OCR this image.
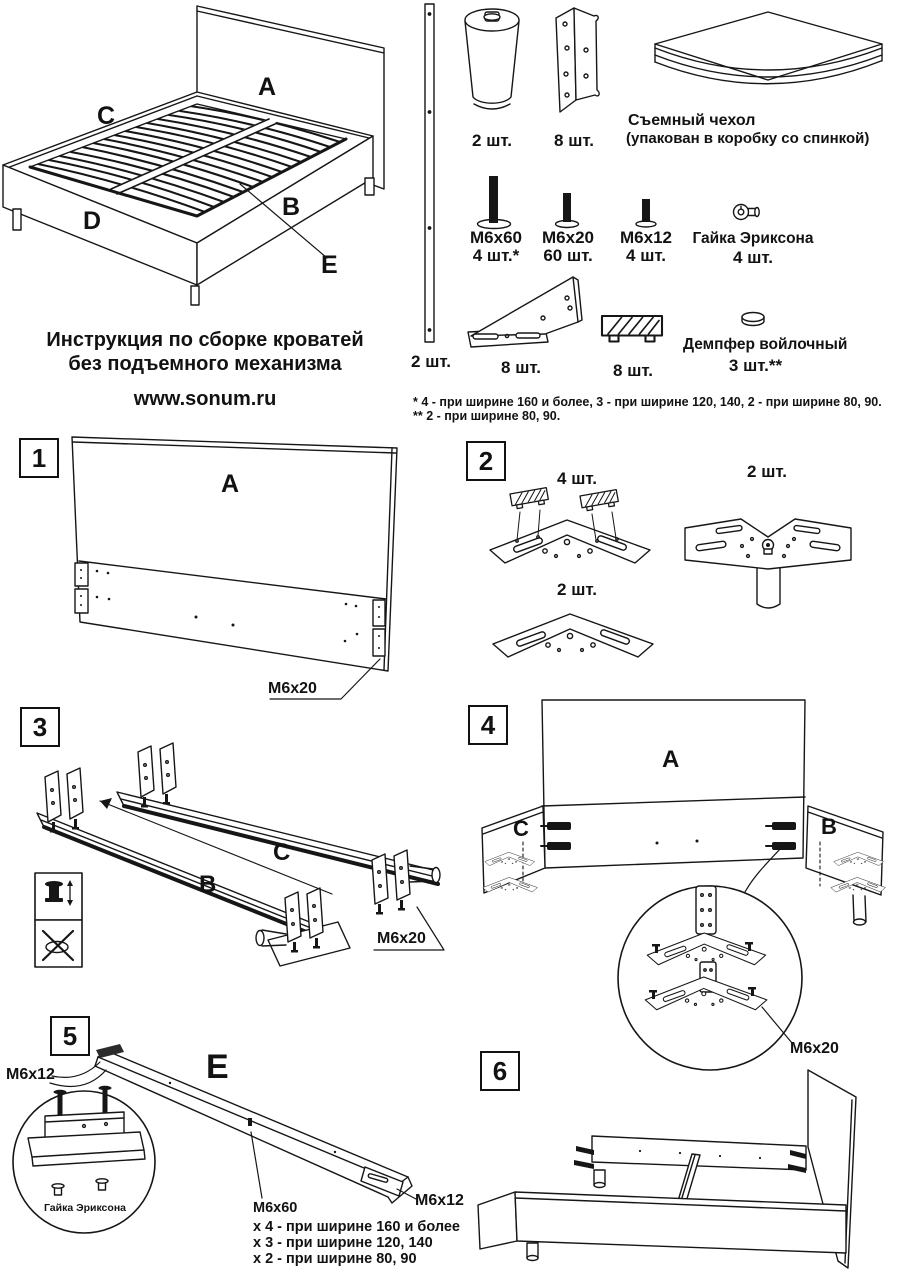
A
C
B
D
E
Инструкция по сборке кроватей
без подъемного механизма
www.sonum.ru
2 шт.
2 шт.	8 шт.
Съемный чехол
(упакован в коробку со спинкой)
М6х60
4 шт.*
М6х20
60 шт.
М6х12
4 шт.
Гайка Эриксона
4 шт.
8 шт.	8 шт.
Демпфер войлочный
3 шт.**
* 4 - при ширине 160 и более, 3 - при ширине 120, 140, 2 - при ширине 80, 90.
** 2 - при ширине 80, 90.
1
A
М6х20
2
4 шт.	2 шт.
2 шт.
3
C
B
М6х20
4
A
C	B
М6х20
5
E
М6х12
Гайка Эриксона	М6х60
х 4 - при ширине 160 и более
х 3 - при ширине 120, 140
х 2 - при ширине 80, 90
М6х12
6
